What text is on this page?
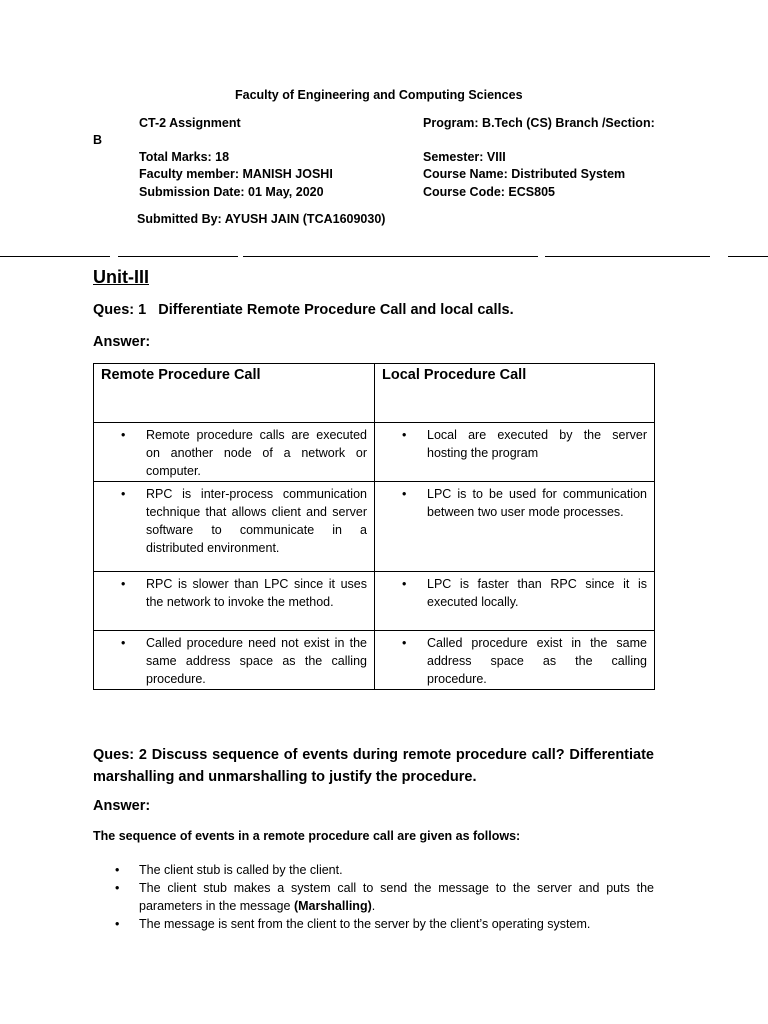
Faculty of Engineering and Computing Sciences
CT-2 Assignment	Program: B.Tech (CS) Branch /Section:
B
Total Marks: 18	Semester: VIII
Faculty member: MANISH JOSHI	Course Name: Distributed System
Submission Date: 01 May, 2020	Course Code: ECS805
Submitted By: AYUSH JAIN (TCA1609030)
Unit-III
Ques: 1   Differentiate Remote Procedure Call and local calls.
Answer:
Remote Procedure Call	Local Procedure Call

• Remote procedure calls are executed on another node of a network or computer.	• Local are executed by the server hosting the program

• RPC is inter-process communication technique that allows client and server software to communicate in a distributed environment.	• LPC is to be used for communication between two user mode processes.

• RPC is slower than LPC since it uses the network to invoke the method.	• LPC is faster than RPC since it is executed locally.

• Called procedure need not exist in the same address space as the calling procedure.	• Called procedure exist in the same address space as the calling procedure.
Ques: 2 Discuss sequence of events during remote procedure call? Differentiate marshalling and unmarshalling to justify the procedure.
Answer:
The sequence of events in a remote procedure call are given as follows:
• The client stub is called by the client.
• The client stub makes a system call to send the message to the server and puts the parameters in the message (Marshalling).
• The message is sent from the client to the server by the client’s operating system.
